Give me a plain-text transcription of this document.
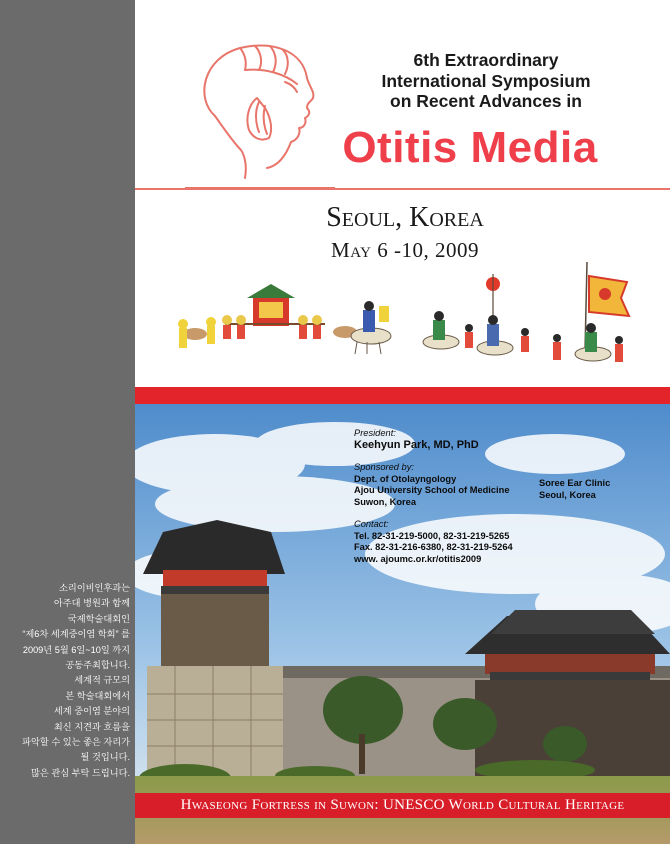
소리이비인후과는
아주대 병원과 함께
국제학술대회인
“제6차 세계중이염 학회” 를
2009년 5월 6일~10일 까지
공동주최합니다.
세계적 규모의
본 학술대회에서
세계 중이염 분야의
최신 지견과 흐름을
파악할 수 있는 좋은 자리가
될 것입니다.
많은 관심 부탁 드립니다.
6th Extraordinary
International Symposium
on Recent Advances in
Otitis Media
Seoul, Korea
May 6 -10, 2009
President:
Keehyun Park, MD, PhD
Sponsored by:
Dept. of Otolayngology
Ajou University School of Medicine
Suwon, Korea
Contact:
Tel. 82-31-219-5000, 82-31-219-5265
Fax. 82-31-216-6380, 82-31-219-5264
www. ajoumc.or.kr/otitis2009
Soree Ear Clinic
Seoul, Korea
Hwaseong Fortress in Suwon: UNESCO World Cultural Heritage
